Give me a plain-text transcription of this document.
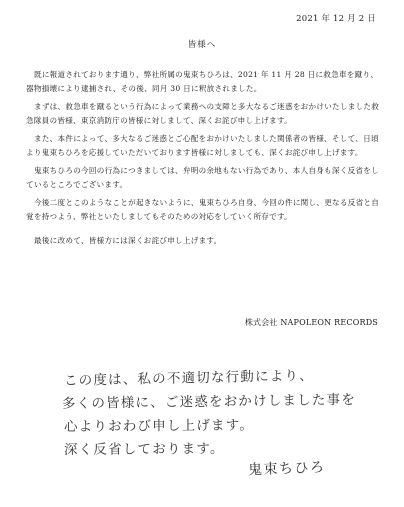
2021 年 12 月 2 日
皆様へ

既に報道されております通り、弊社所属の鬼束ちひろは、2021 年 11 月 28 日に救急車を蹴り、器物損壊により逮捕され、その後、同月 30 日に釈放されました。

まずは、救急車を蹴るという行為によって業務への支障と多大なるご迷惑をおかけいたしました救急隊員の皆様、東京消防庁の皆様に対しまして、深くお詫び申し上げます。

また、本件によって、多大なるご迷惑とご心配をおかけいたしました関係者の皆様、そして、日頃より鬼束ちひろを応援していただいております皆様に対しましても、深くお詫び申し上げます。

鬼束ちひろの今回の行為につきましては、弁明の余地もない行為であり、本人自身も深く反省をしているところでございます。

今後二度とこのようなことが起きないように、鬼束ちひろ自身、今回の件に関し、更なる反省と自覚を持つよう、弊社といたしましてもそのための対応をしていく所存です。

最後に改めて、皆様方には深くお詫び申し上げます。

株式会社 NAPOLEON RECORDS
この度は、私の不適切な行動により、
多くの皆様に、ご迷惑をおかけしました事を
心よりおわび申し上げます。
深く反省しております。
鬼束ちひろ
